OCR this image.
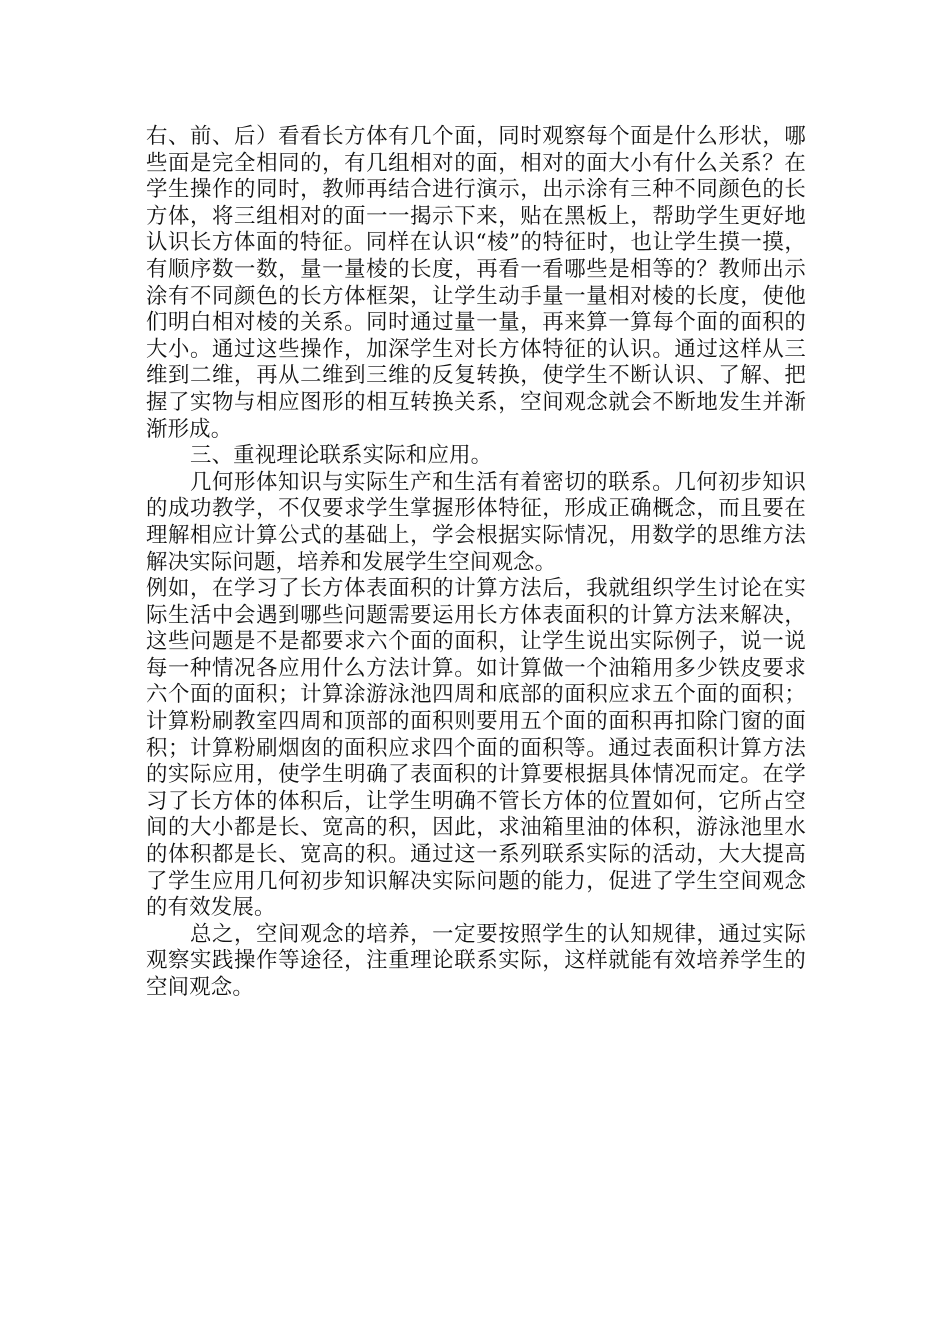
右、前、后）看看长方体有几个面，同时观察每个面是什么形状，哪些面是完全相同的，有几组相对的面，相对的面大小有什么关系？在学生操作的同时，教师再结合进行演示，出示涂有三种不同颜色的长方体，将三组相对的面一一揭示下来，贴在黑板上，帮助学生更好地认识长方体面的特征。同样在认识“棱”的特征时，也让学生摸一摸，有顺序数一数，量一量棱的长度，再看一看哪些是相等的？教师出示涂有不同颜色的长方体框架，让学生动手量一量相对棱的长度，使他们明白相对棱的关系。同时通过量一量，再来算一算每个面的面积的大小。通过这些操作，加深学生对长方体特征的认识。通过这样从三维到二维，再从二维到三维的反复转换，使学生不断认识、了解、把握了实物与相应图形的相互转换关系，空间观念就会不断地发生并渐渐形成。

三、重视理论联系实际和应用。

几何形体知识与实际生产和生活有着密切的联系。几何初步知识的成功教学，不仅要求学生掌握形体特征，形成正确概念，而且要在理解相应计算公式的基础上，学会根据实际情况，用数学的思维方法解决实际问题，培养和发展学生空间观念。

例如，在学习了长方体表面积的计算方法后，我就组织学生讨论在实际生活中会遇到哪些问题需要运用长方体表面积的计算方法来解决，这些问题是不是都要求六个面的面积，让学生说出实际例子，说一说每一种情况各应用什么方法计算。如计算做一个油箱用多少铁皮要求六个面的面积；计算涂游泳池四周和底部的面积应求五个面的面积；计算粉刷教室四周和顶部的面积则要用五个面的面积再扣除门窗的面积；计算粉刷烟囱的面积应求四个面的面积等。通过表面积计算方法的实际应用，使学生明确了表面积的计算要根据具体情况而定。在学习了长方体的体积后，让学生明确不管长方体的位置如何，它所占空间的大小都是长、宽高的积，因此，求油箱里油的体积，游泳池里水的体积都是长、宽高的积。通过这一系列联系实际的活动，大大提高了学生应用几何初步知识解决实际问题的能力，促进了学生空间观念的有效发展。

总之，空间观念的培养，一定要按照学生的认知规律，通过实际观察实践操作等途径，注重理论联系实际，这样就能有效培养学生的空间观念。
